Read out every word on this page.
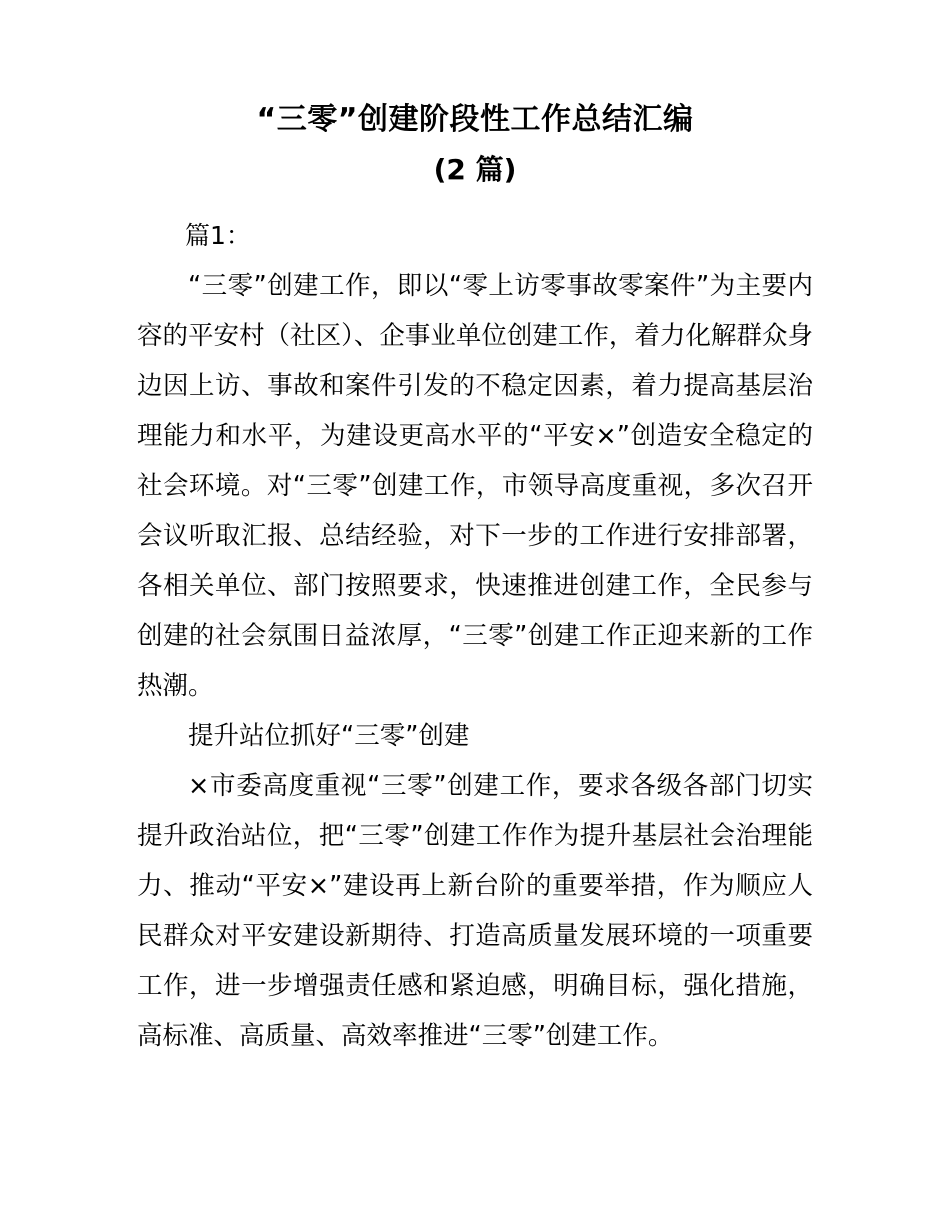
“三零”创建阶段性工作总结汇编
(2 篇)

篇1：

“三零”创建工作，即以“零上访零事故零案件”为主要内容的平安村（社区）、企事业单位创建工作，着力化解群众身边因上访、事故和案件引发的不稳定因素，着力提高基层治理能力和水平，为建设更高水平的“平安×”创造安全稳定的社会环境。对“三零”创建工作，市领导高度重视，多次召开会议听取汇报、总结经验，对下一步的工作进行安排部署，各相关单位、部门按照要求，快速推进创建工作，全民参与创建的社会氛围日益浓厚，“三零”创建工作正迎来新的工作热潮。

提升站位抓好“三零”创建

×市委高度重视“三零”创建工作，要求各级各部门切实提升政治站位，把“三零”创建工作作为提升基层社会治理能力、推动“平安×”建设再上新台阶的重要举措，作为顺应人民群众对平安建设新期待、打造高质量发展环境的一项重要工作，进一步增强责任感和紧迫感，明确目标，强化措施，高标准、高质量、高效率推进“三零”创建工作。
